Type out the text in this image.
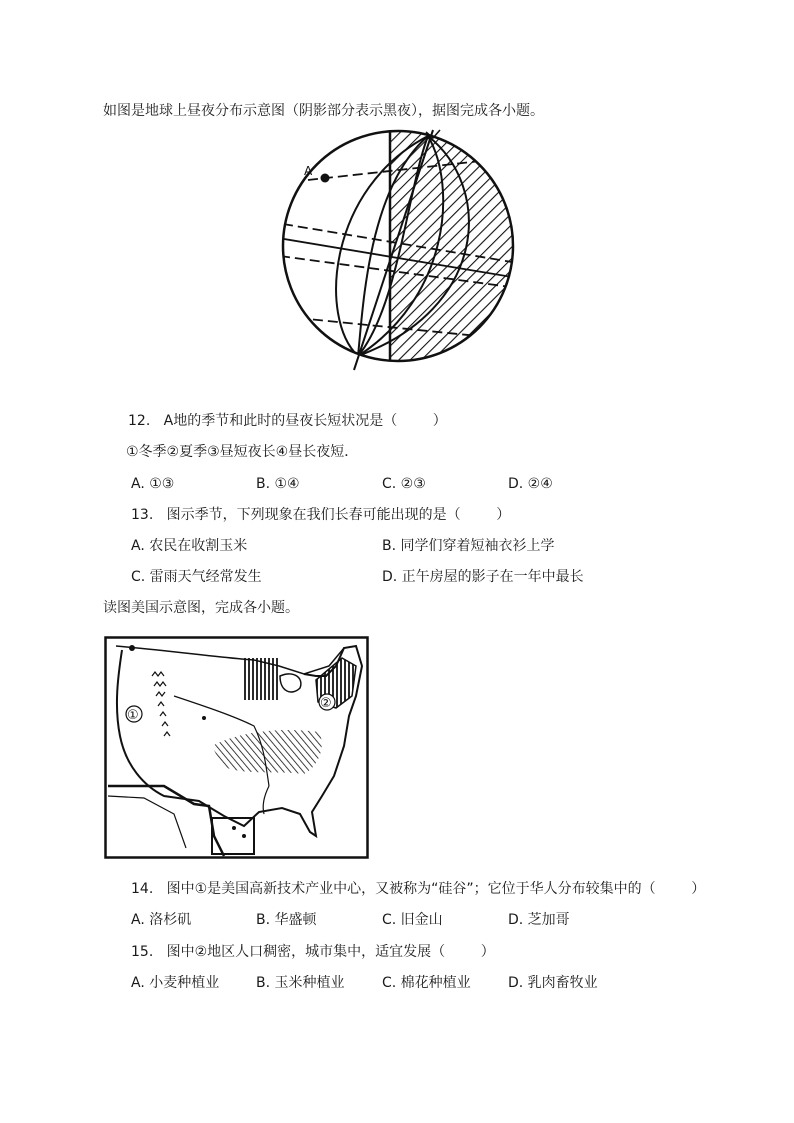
如图是地球上昼夜分布示意图（阴影部分表示黑夜），据图完成各小题。
A
12.   A地的季节和此时的昼夜长短状况是（        ）
①冬季②夏季③昼短夜长④昼长夜短．
A. ①③	B. ①④	C. ②③	D. ②④
13.   图示季节，下列现象在我们长春可能出现的是（        ）
A. 农民在收割玉米	B. 同学们穿着短袖衣衫上学
C. 雷雨天气经常发生	D. 正午房屋的影子在一年中最长
读图美国示意图，完成各小题。
①
②
14.   图中①是美国高新技术产业中心，又被称为“硅谷”；它位于华人分布较集中的（        ）
A. 洛杉矶	B. 华盛顿	C. 旧金山	D. 芝加哥
15.   图中②地区人口稠密，城市集中，适宜发展（        ）
A. 小麦种植业	B. 玉米种植业	C. 棉花种植业	D. 乳肉畜牧业
